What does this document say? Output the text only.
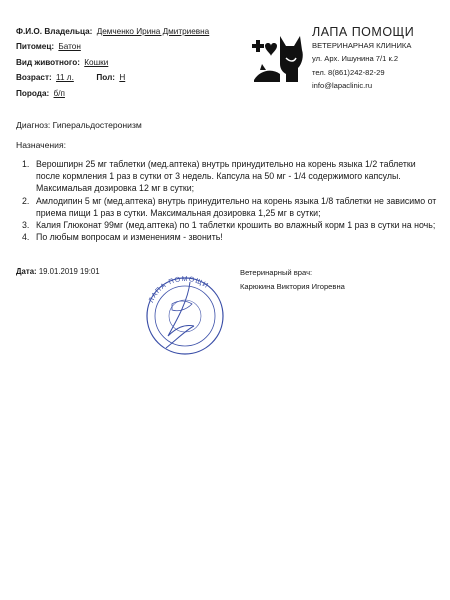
Ф.И.О. Владельца: Демченко Ирина Дмитриевна
Питомец: Батон
Вид животного: Кошки
Возраст: 11 л.	Пол: Н
Порода: б/п
ЛАПА ПОМОЩИ
ВЕТЕРИНАРНАЯ КЛИНИКА
ул. Арх. Ишунина 7/1 к.2
тел. 8(861)242-82-29
info@lapaclinic.ru
Диагноз: Гиперальдостеронизм
Назначения:
1. Верошпирн 25 мг таблетки (мед.аптека) внутрь принудительно на корень языка 1/2 таблетки после кормления 1 раз в сутки от 3 недель. Капсула на 50 мг - 1/4 содержимого капсулы. Максимальая дозировка 12 мг в сутки;
2. Амлодипин 5 мг (мед.аптека) внутрь принудительно на корень языка 1/8 таблетки не зависимо от приема пищи 1 раз в сутки. Максимальная дозировка 1,25 мг в сутки;
3. Калия Глюконат 99мг (мед.аптека) по 1 таблетки крошить во влажный корм 1 раз в сутки на ночь;
4. По любым вопросам и изменениям - звонить!
Дата: 19.01.2019 19:01	Ветеринарный врач:
Карюкина Виктория Игоревна
ЛАПА ПОМОЩИ
